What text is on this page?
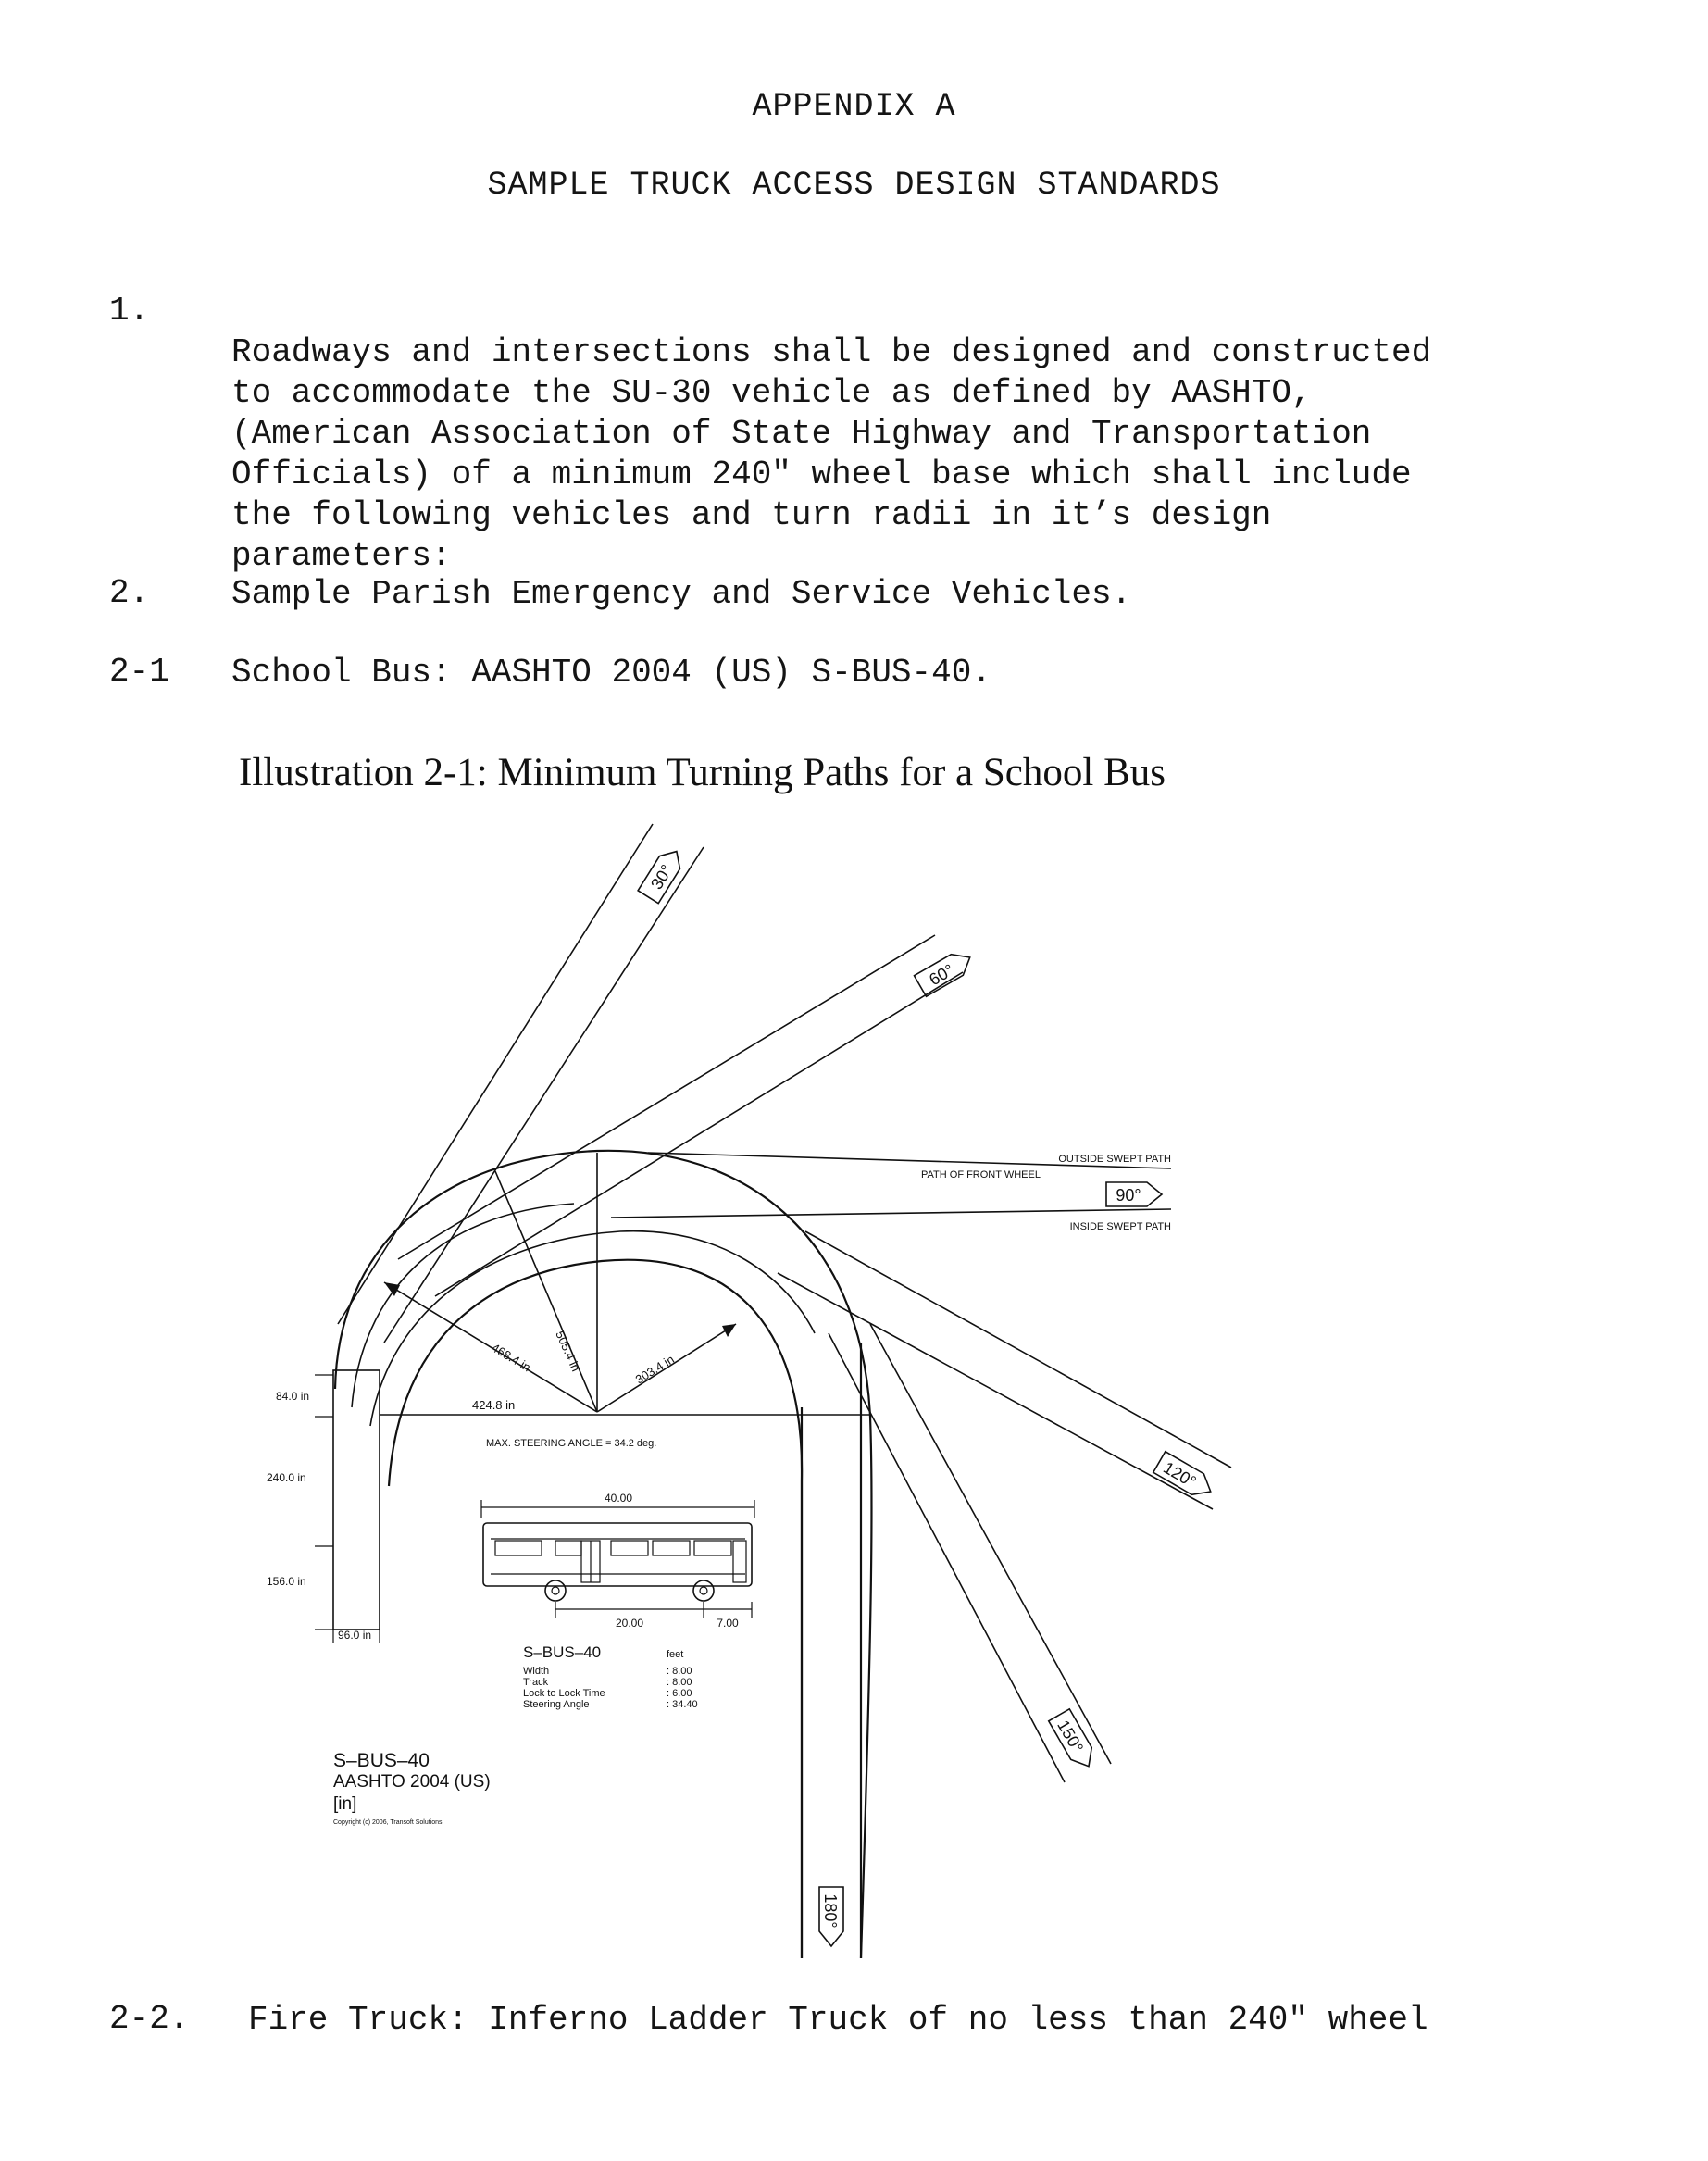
APPENDIX A
SAMPLE TRUCK ACCESS DESIGN STANDARDS
1.

Roadways and intersections shall be designed and constructed
to accommodate the SU-30 vehicle as defined by AASHTO,
(American Association of State Highway and Transportation
Officials) of a minimum 240″ wheel base which shall include
the following vehicles and turn radii in it’s design
parameters:

2. Sample Parish Emergency and Service Vehicles.
2-1 School Bus: AASHTO 2004 (US) S-BUS-40.
Illustration 2-1: Minimum Turning Paths for a School Bus
30°
60°
90°
120°
150°
180°
OUTSIDE SWEPT PATH
PATH OF FRONT WHEEL
INSIDE SWEPT PATH
505.4 in
468.4 in	303.4 in
424.8 in
MAX. STEERING ANGLE = 34.2 deg.
84.0 in
240.0 in
156.0 in
96.0 in
40.00
20.00	7.00
S–BUS–40	feet
Width	: 8.00
Track	: 8.00
Lock to Lock Time	: 6.00
Steering Angle	: 34.40
S–BUS–40
AASHTO 2004 (US)
[in]
Copyright (c) 2006, Transoft Solutions
2-2. Fire Truck: Inferno Ladder Truck of no less than 240″ wheel
